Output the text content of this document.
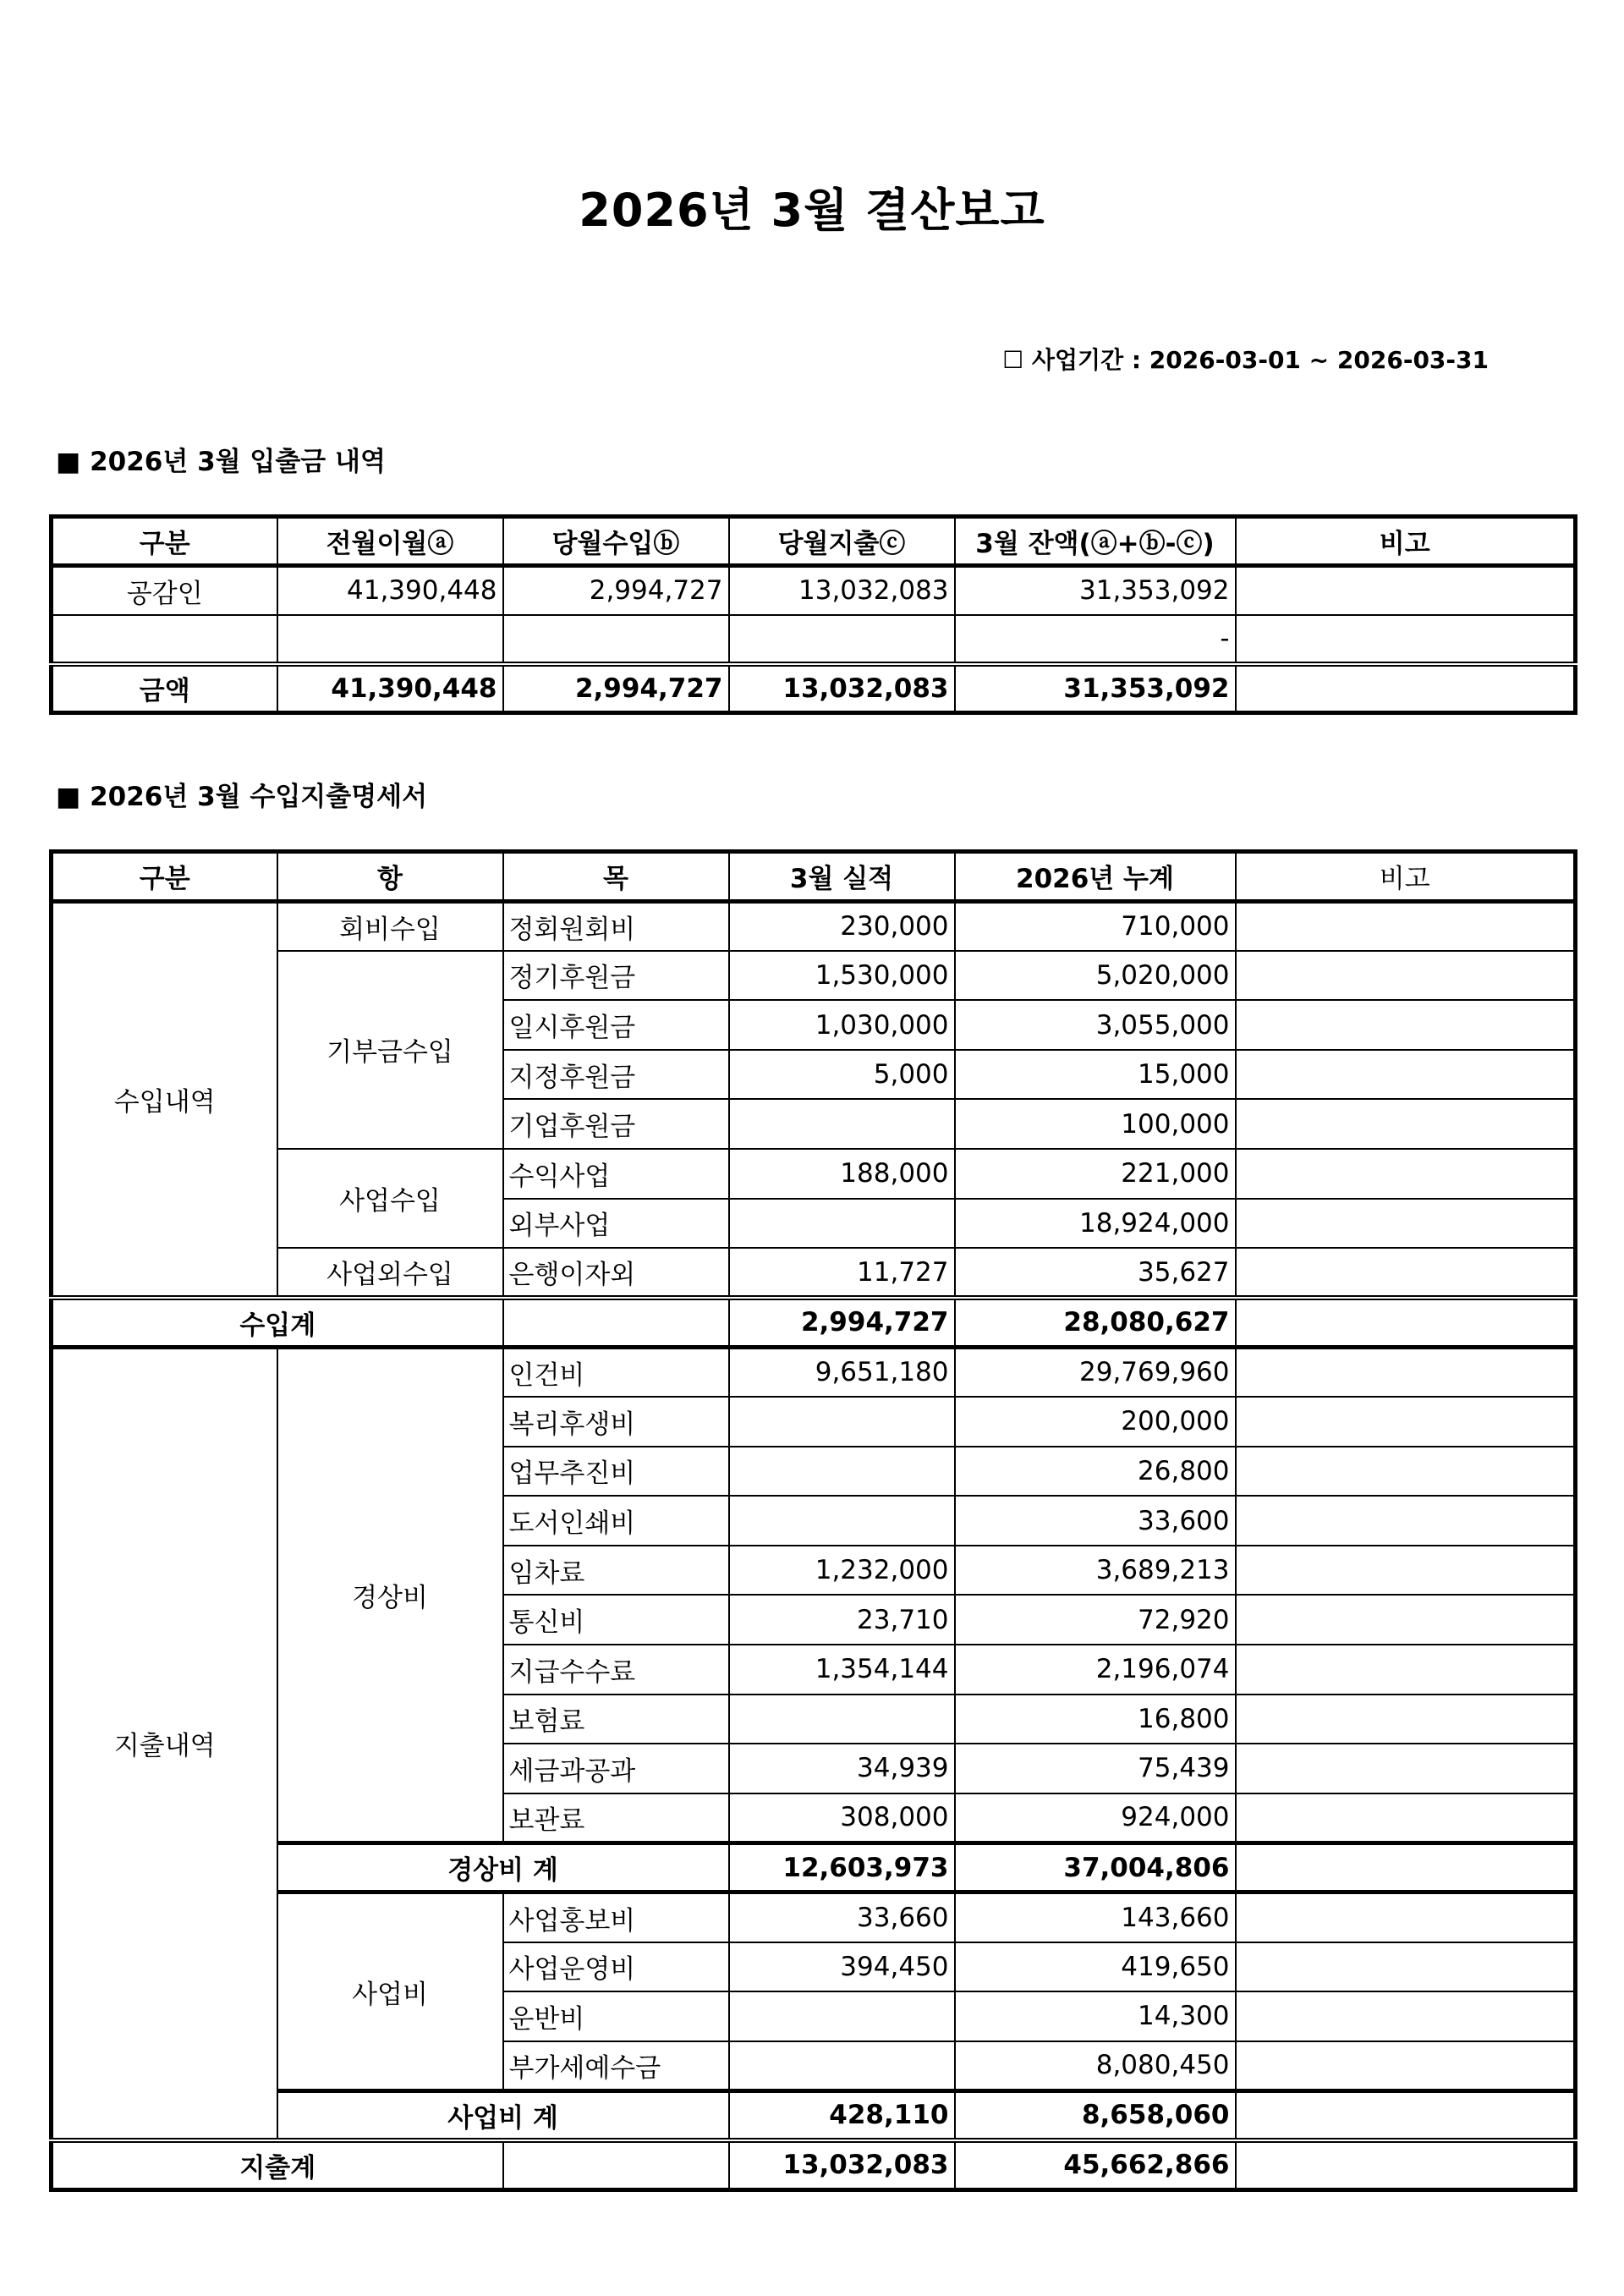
2026년 3월 결산보고
☐ 사업기간 : 2026-03-01 ~ 2026-03-31
■ 2026년 3월 입출금 내역
구분	전월이월ⓐ	당월수입ⓑ	당월지출ⓒ	3월 잔액(ⓐ+ⓑ-ⓒ)	비고
공감인	41,390,448	2,994,727	13,032,083	31,353,092	
				-	
금액	41,390,448	2,994,727	13,032,083	31,353,092	
■ 2026년 3월 수입지출명세서
구분	항	목	3월 실적	2026년 누계	비고
수입내역	회비수입	정회원회비	230,000	710,000	
	기부금수입	정기후원금	1,530,000	5,020,000	
		일시후원금	1,030,000	3,055,000	
		지정후원금	5,000	15,000	
		기업후원금		100,000	
	사업수입	수익사업	188,000	221,000	
		외부사업		18,924,000	
	사업외수입	은행이자외	11,727	35,627	
수입계			2,994,727	28,080,627	
지출내역	경상비	인건비	9,651,180	29,769,960	
		복리후생비		200,000	
		업무추진비		26,800	
		도서인쇄비		33,600	
		임차료	1,232,000	3,689,213	
		통신비	23,710	72,920	
		지급수수료	1,354,144	2,196,074	
		보험료		16,800	
		세금과공과	34,939	75,439	
		보관료	308,000	924,000	
	경상비 계		12,603,973	37,004,806	
	사업비	사업홍보비	33,660	143,660	
		사업운영비	394,450	419,650	
		운반비		14,300	
		부가세예수금		8,080,450	
	사업비 계		428,110	8,658,060	
지출계			13,032,083	45,662,866	
